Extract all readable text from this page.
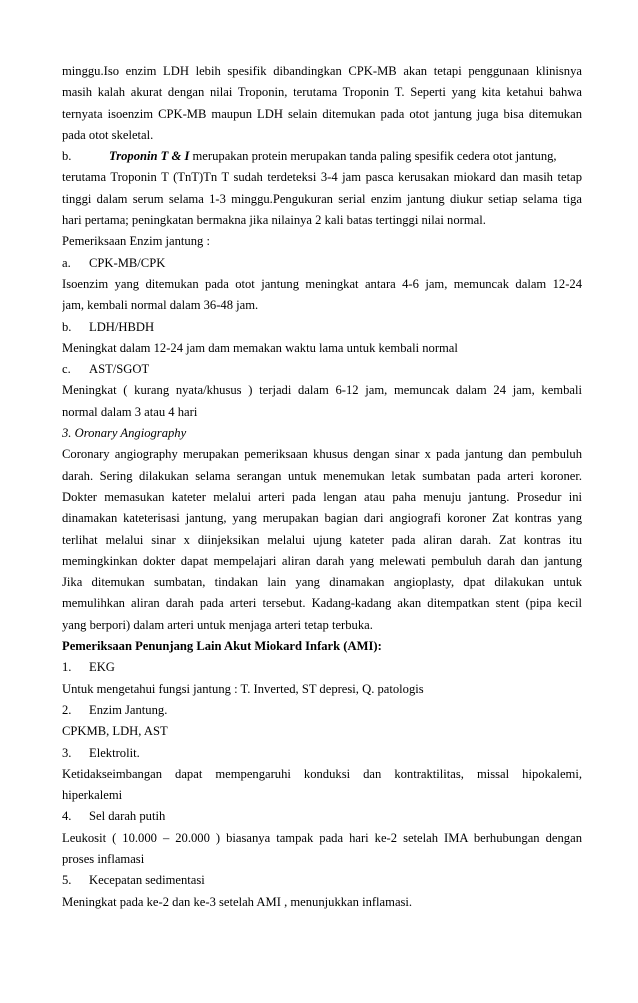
minggu.Iso enzim LDH lebih spesifik dibandingkan CPK-MB akan tetapi penggunaan klinisnya
masih kalah akurat dengan nilai Troponin, terutama Troponin T. Seperti yang kita ketahui bahwa
ternyata isoenzim CPK-MB maupun LDH selain ditemukan pada otot jantung juga bisa ditemukan
pada otot skeletal.
b.	Troponin T & I merupakan protein merupakan tanda paling spesifik cedera otot jantung,
terutama Troponin T (TnT)Tn T sudah terdeteksi 3-4 jam pasca kerusakan miokard dan masih tetap
tinggi dalam serum selama 1-3 minggu.Pengukuran serial enzim jantung diukur setiap selama tiga
hari pertama; peningkatan bermakna jika nilainya 2 kali batas tertinggi nilai normal.
Pemeriksaan Enzim jantung :
a. CPK-MB/CPK
Isoenzim yang ditemukan pada otot jantung meningkat antara 4-6 jam, memuncak dalam 12-24
jam, kembali normal dalam 36-48 jam.
b. LDH/HBDH
Meningkat dalam 12-24 jam dam memakan waktu lama untuk kembali normal
c. AST/SGOT
Meningkat ( kurang nyata/khusus ) terjadi dalam 6-12 jam, memuncak dalam 24 jam, kembali
normal dalam 3 atau 4 hari
3. Oronary Angiography
Coronary angiography merupakan pemeriksaan khusus dengan sinar x pada jantung dan pembuluh
darah. Sering dilakukan selama serangan untuk menemukan letak sumbatan pada arteri koroner.
Dokter memasukan kateter melalui arteri pada lengan atau paha menuju jantung. Prosedur ini
dinamakan kateterisasi jantung, yang merupakan bagian dari angiografi koroner Zat kontras yang
terlihat melalui sinar x diinjeksikan melalui ujung kateter pada aliran darah. Zat kontras itu
memingkinkan dokter dapat mempelajari aliran darah yang melewati pembuluh darah dan jantung
Jika ditemukan sumbatan, tindakan lain yang dinamakan angioplasty, dpat dilakukan untuk
memulihkan aliran darah pada arteri tersebut. Kadang-kadang akan ditempatkan stent (pipa kecil
yang berpori) dalam arteri untuk menjaga arteri tetap terbuka.
Pemeriksaan Penunjang Lain Akut Miokard Infark (AMI):
1. EKG
Untuk mengetahui fungsi jantung : T. Inverted, ST depresi, Q. patologis
2. Enzim Jantung.
CPKMB, LDH, AST
3. Elektrolit.
Ketidakseimbangan dapat mempengaruhi konduksi dan kontraktilitas, missal hipokalemi,
hiperkalemi
4. Sel darah putih
Leukosit ( 10.000 – 20.000 ) biasanya tampak pada hari ke-2 setelah IMA berhubungan dengan
proses inflamasi
5. Kecepatan sedimentasi
Meningkat pada ke-2 dan ke-3 setelah AMI , menunjukkan inflamasi.
